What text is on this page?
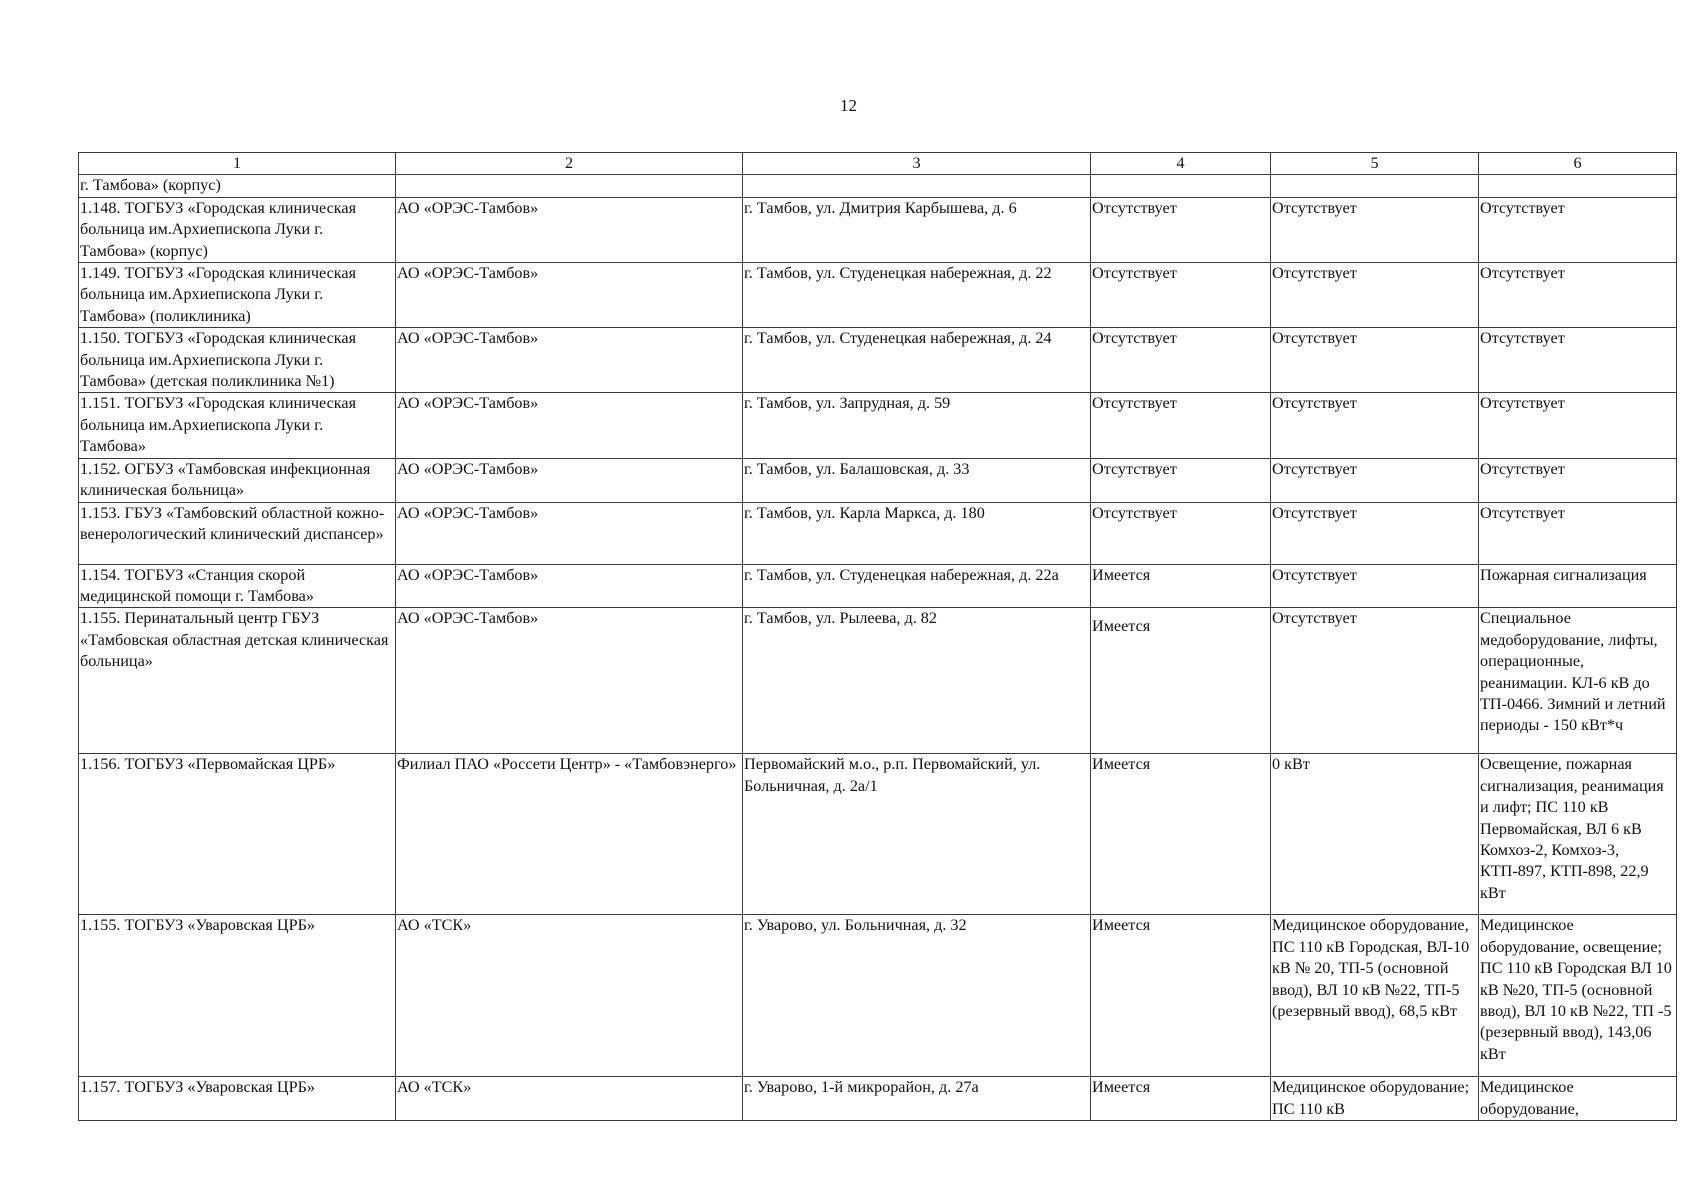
12
1	2	3	4	5	6
г. Тамбова» (корпус)					
1.148. ТОГБУЗ «Городская клиническая больница им.Архиепископа Луки г. Тамбова» (корпус)	АО «ОРЭС-Тамбов»	г. Тамбов, ул. Дмитрия Карбышева, д. 6	Отсутствует	Отсутствует	Отсутствует
1.149. ТОГБУЗ «Городская клиническая больница им.Архиепископа Луки г. Тамбова» (поликлиника)	АО «ОРЭС-Тамбов»	г. Тамбов, ул. Студенецкая набережная, д. 22	Отсутствует	Отсутствует	Отсутствует
1.150. ТОГБУЗ «Городская клиническая больница им.Архиепископа Луки г. Тамбова» (детская поликлиника №1)	АО «ОРЭС-Тамбов»	г. Тамбов, ул. Студенецкая набережная, д. 24	Отсутствует	Отсутствует	Отсутствует
1.151. ТОГБУЗ «Городская клиническая больница им.Архиепископа Луки г. Тамбова»	АО «ОРЭС-Тамбов»	г. Тамбов, ул. Запрудная, д. 59	Отсутствует	Отсутствует	Отсутствует
1.152. ОГБУЗ «Тамбовская инфекционная клиническая больница»	АО «ОРЭС-Тамбов»	г. Тамбов, ул. Балашовская, д. 33	Отсутствует	Отсутствует	Отсутствует
1.153. ГБУЗ «Тамбовский областной кожно-венерологический клинический диспансер»	АО «ОРЭС-Тамбов»	г. Тамбов, ул. Карла Маркса, д. 180	Отсутствует	Отсутствует	Отсутствует
1.154. ТОГБУЗ «Станция скорой медицинской помощи г. Тамбова»	АО «ОРЭС-Тамбов»	г. Тамбов, ул. Студенецкая набережная, д. 22а	Имеется	Отсутствует	Пожарная сигнализация
1.155. Перинатальный центр ГБУЗ «Тамбовская областная детская клиническая больница»	АО «ОРЭС-Тамбов»	г. Тамбов, ул. Рылеева, д. 82	Имеется	Отсутствует	Специальное медоборудование, лифты, операционные, реанимации. КЛ-6 кВ до ТП-0466. Зимний и летний периоды - 150 кВт*ч
1.156. ТОГБУЗ «Первомайская ЦРБ»	Филиал ПАО «Россети Центр» - «Тамбовэнерго»	Первомайский м.о., р.п. Первомайский, ул. Больничная, д. 2а/1	Имеется	0 кВт	Освещение, пожарная сигнализация, реанимация и лифт; ПС 110 кВ Первомайская, ВЛ 6 кВ Комхоз-2, Комхоз-3, КТП-897, КТП-898, 22,9 кВт
1.155. ТОГБУЗ «Уваровская ЦРБ»	АО «ТСК»	г. Уварово, ул. Больничная, д. 32	Имеется	Медицинское оборудование, ПС 110 кВ Городская, ВЛ-10 кВ № 20, ТП-5 (основной ввод), ВЛ 10 кВ №22, ТП-5 (резервный ввод), 68,5 кВт	Медицинское оборудование, освещение; ПС 110 кВ Городская ВЛ 10 кВ №20, ТП-5 (основной ввод), ВЛ 10 кВ №22, ТП -5 (резервный ввод), 143,06 кВт
1.157. ТОГБУЗ «Уваровская ЦРБ»	АО «ТСК»	г. Уварово, 1-й микрорайон, д. 27а	Имеется	Медицинское оборудование; ПС 110 кВ	Медицинское оборудование,
